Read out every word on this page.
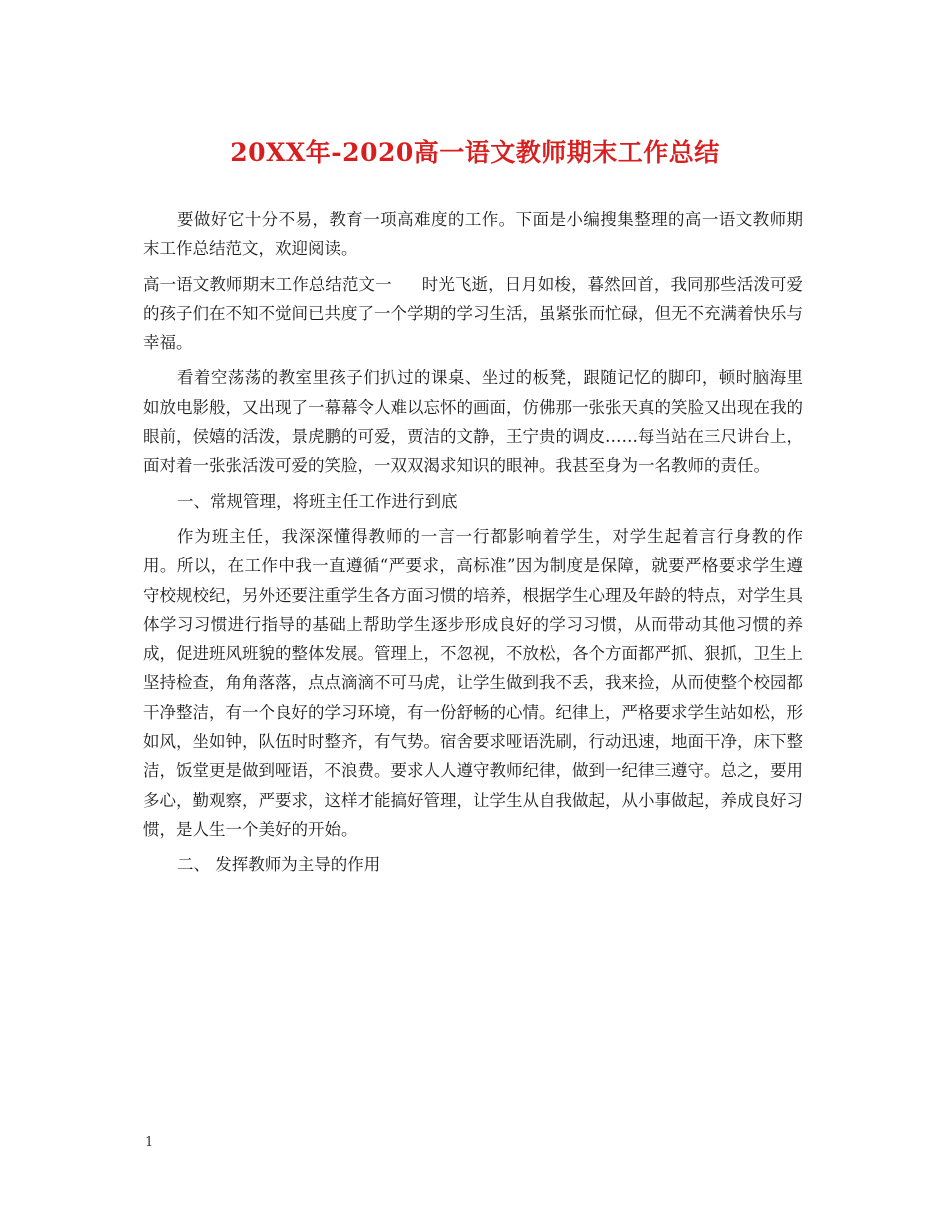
20XX年-2020高一语文教师期末工作总结

要做好它十分不易，教育一项高难度的工作。下面是小编搜集整理的高一语文教师期末工作总结范文，欢迎阅读。

高一语文教师期末工作总结范文一 时光飞逝，日月如梭，暮然回首，我同那些活泼可爱的孩子们在不知不觉间已共度了一个学期的学习生活，虽紧张而忙碌，但无不充满着快乐与幸福。

看着空荡荡的教室里孩子们扒过的课桌、坐过的板凳，跟随记忆的脚印，顿时脑海里如放电影般，又出现了一幕幕令人难以忘怀的画面，仿佛那一张张天真的笑脸又出现在我的眼前，侯嬉的活泼，景虎鹏的可爱，贾洁的文静，王宁贵的调皮……每当站在三尺讲台上，面对着一张张活泼可爱的笑脸，一双双渴求知识的眼神。我甚至身为一名教师的责任。

一、常规管理，将班主任工作进行到底

作为班主任，我深深懂得教师的一言一行都影响着学生，对学生起着言行身教的作用。所以，在工作中我一直遵循“严要求，高标准”因为制度是保障，就要严格要求学生遵守校规校纪，另外还要注重学生各方面习惯的培养，根据学生心理及年龄的特点，对学生具体学习习惯进行指导的基础上帮助学生逐步形成良好的学习习惯，从而带动其他习惯的养成，促进班风班貌的整体发展。管理上，不忽视，不放松，各个方面都严抓、狠抓，卫生上坚持检查，角角落落，点点滴滴不可马虎，让学生做到我不丢，我来捡，从而使整个校园都干净整洁，有一个良好的学习环境，有一份舒畅的心情。纪律上，严格要求学生站如松，形如风，坐如钟，队伍时时整齐，有气势。宿舍要求哑语洗刷，行动迅速，地面干净，床下整洁，饭堂更是做到哑语，不浪费。要求人人遵守教师纪律，做到一纪律三遵守。总之，要用多心，勤观察，严要求，这样才能搞好管理，让学生从自我做起，从小事做起，养成良好习惯，是人生一个美好的开始。

二、 发挥教师为主导的作用

1
